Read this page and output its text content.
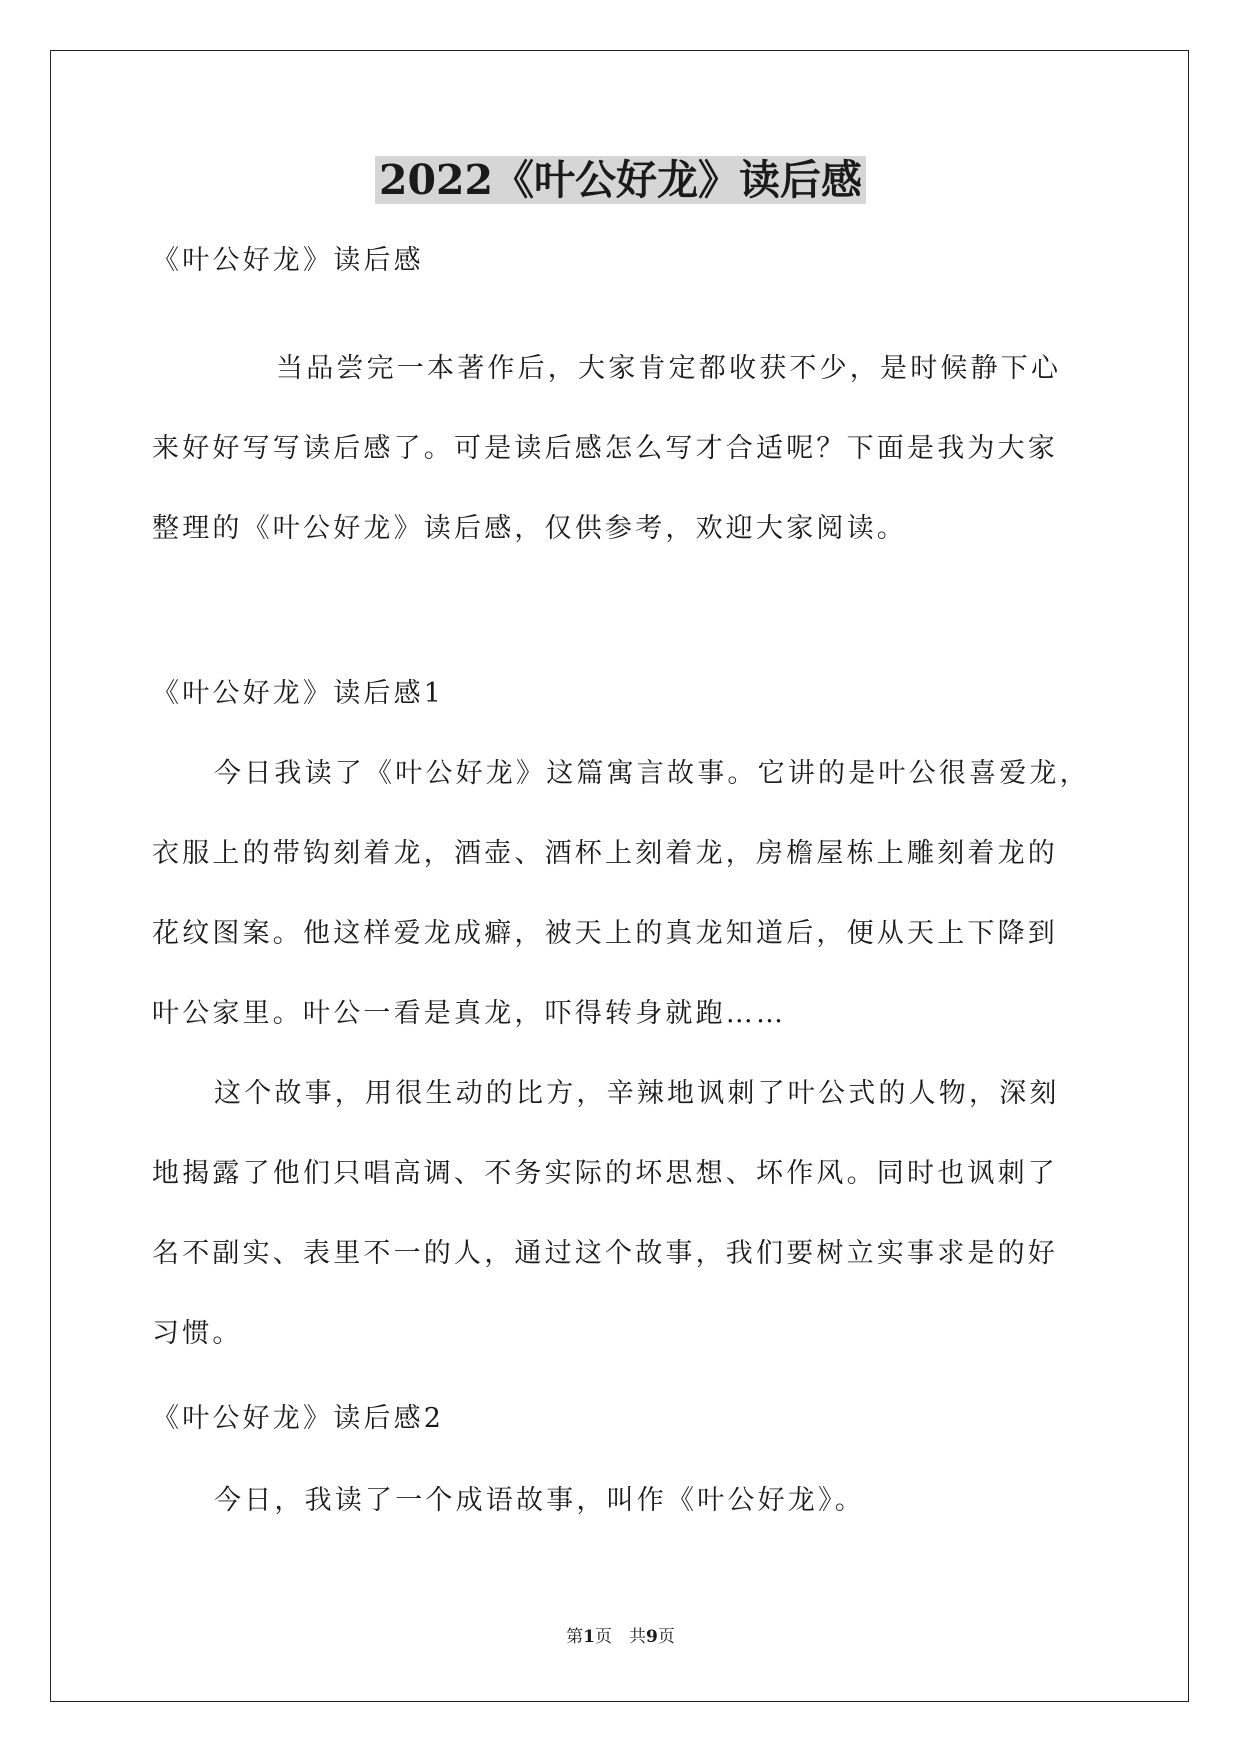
2022《叶公好龙》读后感
《叶公好龙》读后感
当品尝完一本著作后，大家肯定都收获不少，是时候静下心
来好好写写读后感了。可是读后感怎么写才合适呢？下面是我为大家
整理的《叶公好龙》读后感，仅供参考，欢迎大家阅读。
《叶公好龙》读后感1
今日我读了《叶公好龙》这篇寓言故事。它讲的是叶公很喜爱龙，
衣服上的带钩刻着龙，酒壶、酒杯上刻着龙，房檐屋栋上雕刻着龙的
花纹图案。他这样爱龙成癖，被天上的真龙知道后，便从天上下降到
叶公家里。叶公一看是真龙，吓得转身就跑……
这个故事，用很生动的比方，辛辣地讽刺了叶公式的人物，深刻
地揭露了他们只唱高调、不务实际的坏思想、坏作风。同时也讽刺了
名不副实、表里不一的人，通过这个故事，我们要树立实事求是的好
习惯。
《叶公好龙》读后感2
今日，我读了一个成语故事，叫作《叶公好龙》。
第1页　共9页
